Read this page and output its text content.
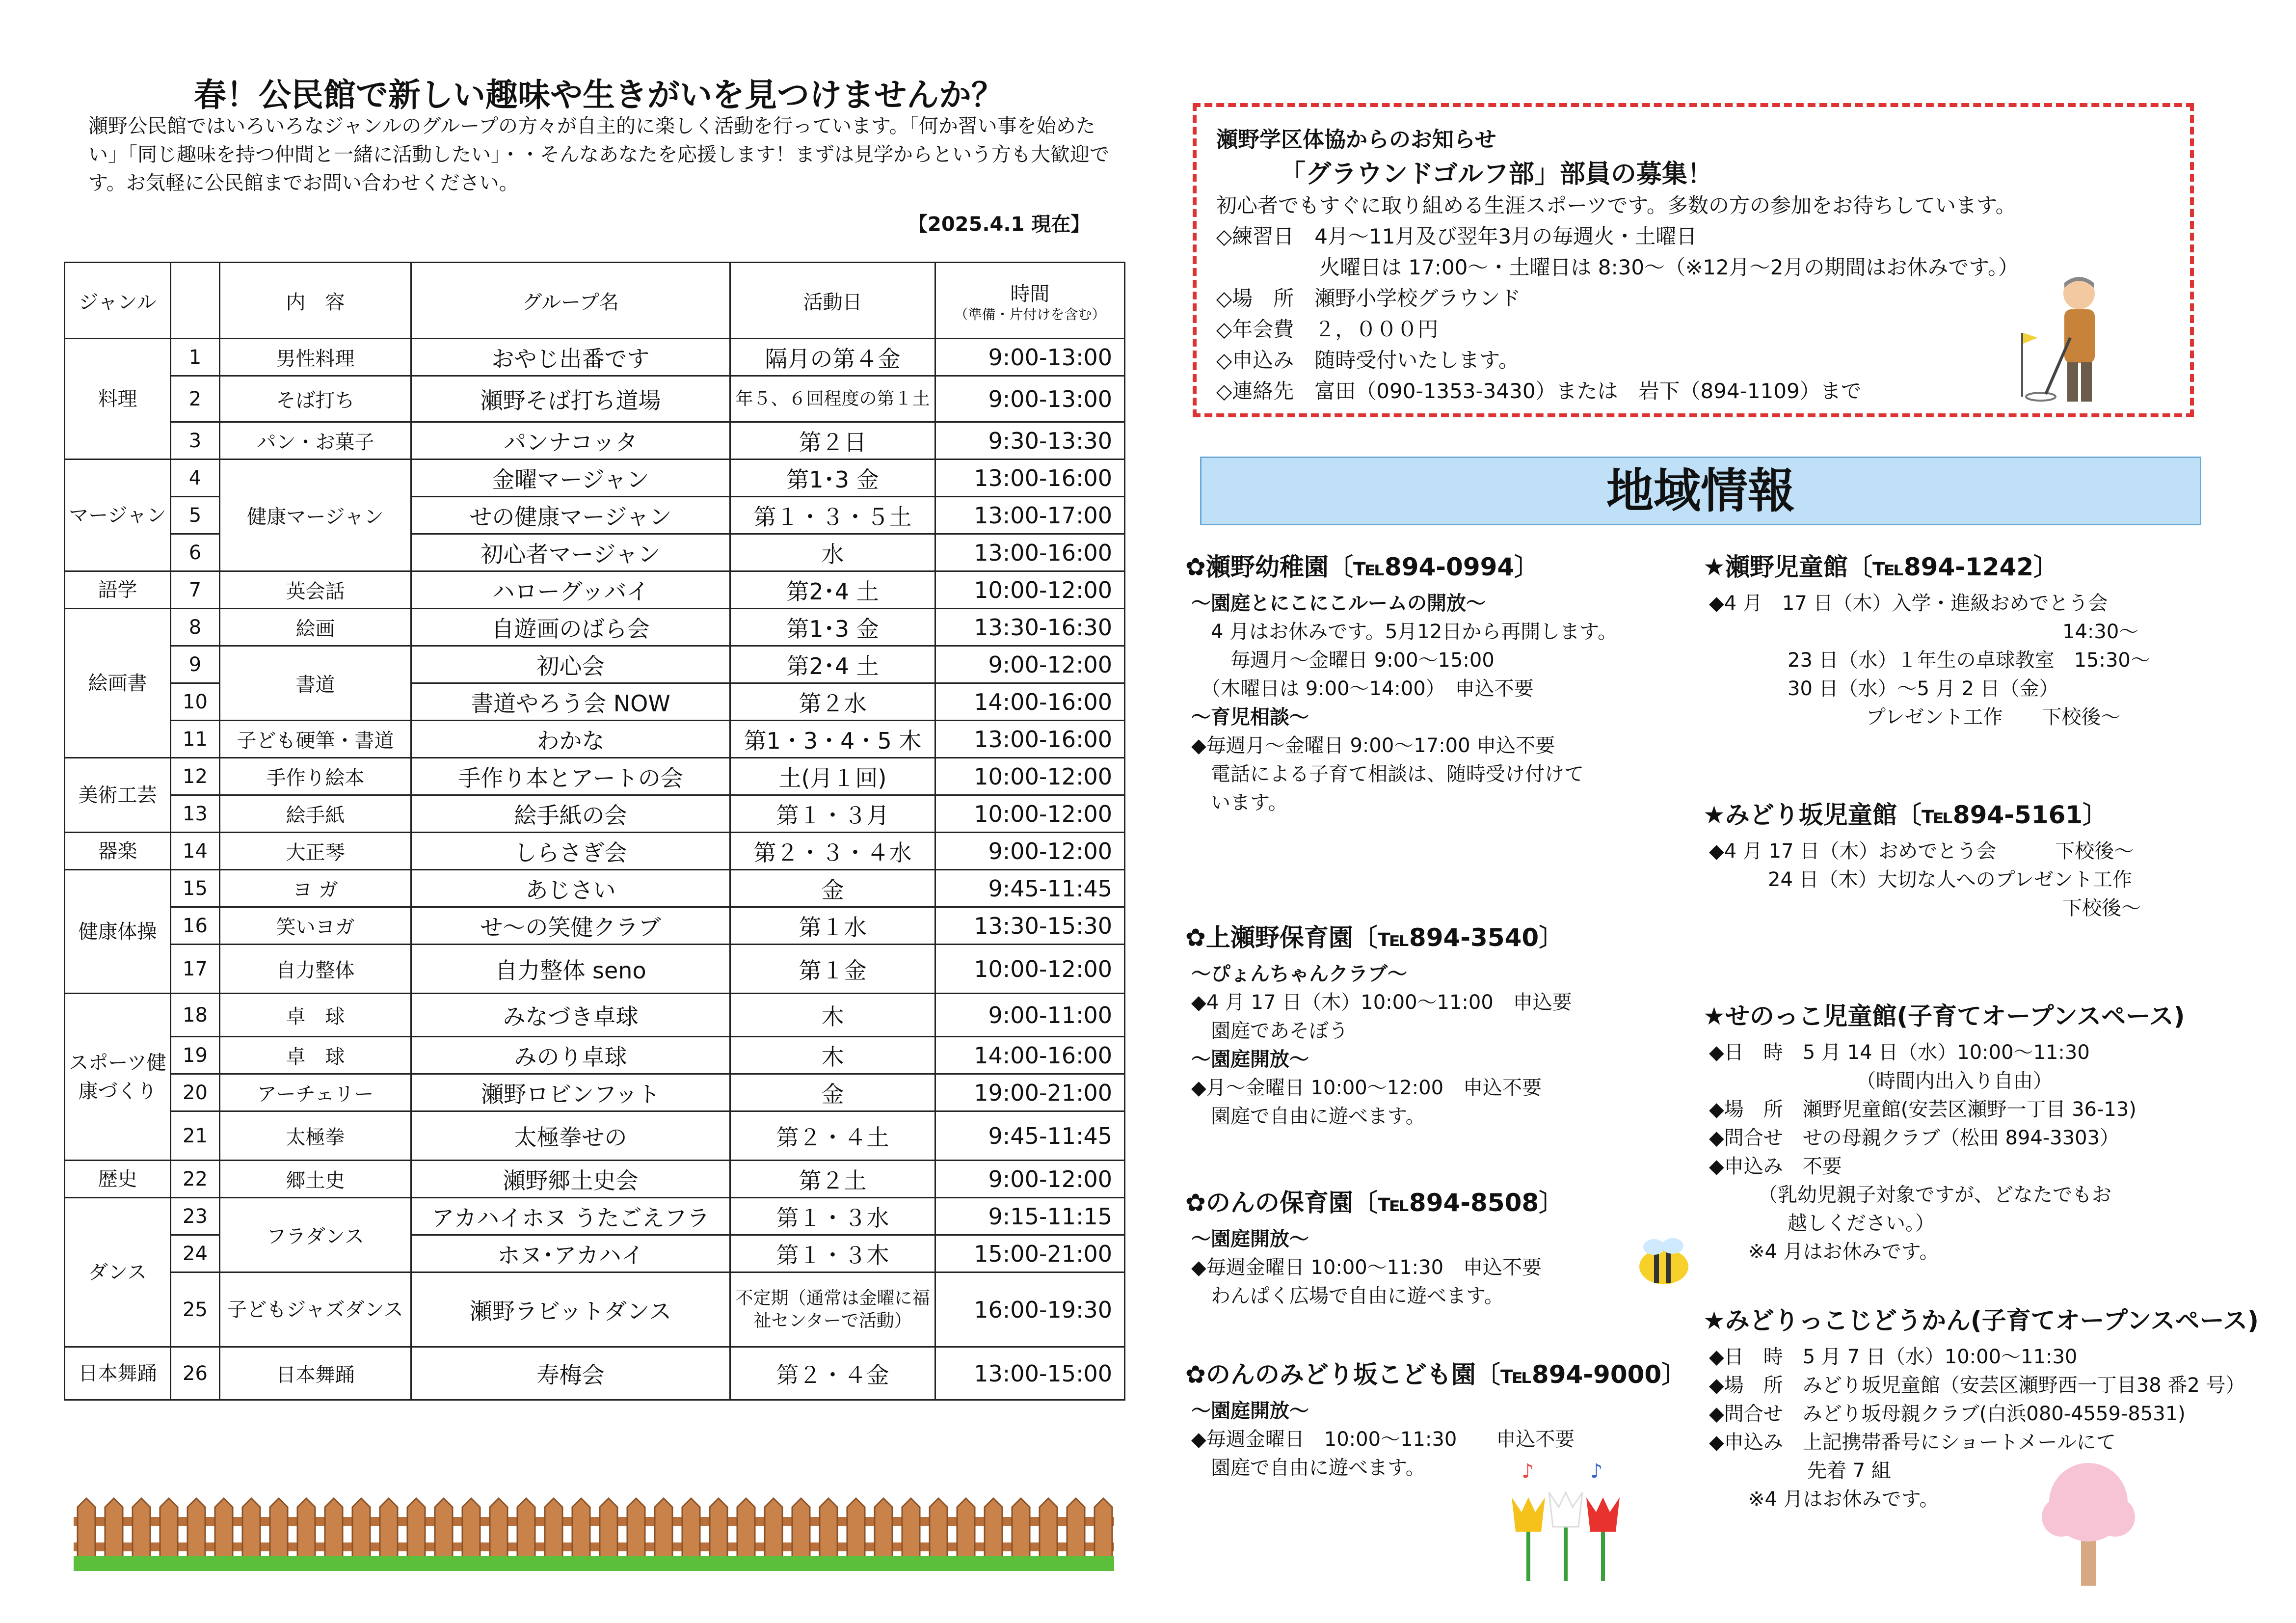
春！公民館で新しい趣味や生きがいを見つけませんか？
瀬野公民館ではいろいろなジャンルのグループの方々が自主的に楽しく活動を行っています。「何か習い事を始めたい」「同じ趣味を持つ仲間と一緒に活動したい」・・そんなあなたを応援します！まずは見学からという方も大歓迎です。お気軽に公民館までお問い合わせください。
【2025.4.1 現在】
ジャンル		内　容	グループ名	活動日	時間
（準備・片付けを含む）

料理	1	男性料理	おやじ出番です	隔月の第４金	9:00-13:00
	2	そば打ち	瀬野そば打ち道場	年５、６回程度の第１土	9:00-13:00
	3	パン・お菓子	パンナコッタ	第２日	9:30-13:30
マージャン	4	健康マージャン	金曜マージャン	第1･3 金	13:00-16:00
	5		せの健康マージャン	第１・３・５土	13:00-17:00
	6		初心者マージャン	水	13:00-16:00
語学	7	英会話	ハローグッバイ	第2･4 土	10:00-12:00
絵画書	8	絵画	自遊画のばら会	第1･3 金	13:30-16:30
	9	書道	初心会	第2･4 土	9:00-12:00
	10		書道やろう会 NOW	第２水	14:00-16:00
	11	子ども硬筆・書道	わかな	第1・3・4・5 木	13:00-16:00
美術工芸	12	手作り絵本	手作り本とアートの会	土(月１回)	10:00-12:00
	13	絵手紙	絵手紙の会	第１・３月	10:00-12:00
器楽	14	大正琴	しらさぎ会	第２・３・４水	9:00-12:00
健康体操	15	ヨ ガ	あじさい	金	9:45-11:45
	16	笑いヨガ	せ～の笑健クラブ	第１水	13:30-15:30
	17	自力整体	自力整体 seno	第１金	10:00-12:00
スポーツ健康づくり	18	卓　球	みなづき卓球	木	9:00-11:00
	19	卓　球	みのり卓球	木	14:00-16:00
	20	アーチェリー	瀬野ロビンフット	金	19:00-21:00
	21	太極拳	太極拳せの	第２・４土	9:45-11:45
歴史	22	郷土史	瀬野郷土史会	第２土	9:00-12:00
ダンス	23	フラダンス	アカハイホヌ うたごえフラ	第１・３水	9:15-11:15
	24		ホヌ･アカハイ	第１・３木	15:00-21:00
	25	子どもジャズダンス	瀬野ラビットダンス	不定期（通常は金曜に福祉センターで活動）	16:00-19:30
日本舞踊	26	日本舞踊	寿梅会	第２・４金	13:00-15:00
瀬野学区体協からのお知らせ
「グラウンドゴルフ部」部員の募集！
初心者でもすぐに取り組める生涯スポーツです。多数の方の参加をお待ちしています。
◇練習日　4月～11月及び翌年3月の毎週火・土曜日
　　　　　火曜日は 17:00～・土曜日は 8:30～（※12月～2月の期間はお休みです。）
◇場　所　瀬野小学校グラウンド
◇年会費　２，０００円
◇申込み　随時受付いたします。
◇連絡先　富田（090-1353-3430）または　岩下（894-1109）まで
地域情報
✿瀬野幼稚園〔℡894-0994〕
～園庭とにこにこルームの開放～
　4 月はお休みです。5月12日から再開します。
　　毎週月～金曜日 9:00～15:00
　（木曜日は 9:00～14:00）　申込不要
～育児相談～
◆毎週月～金曜日 9:00～17:00 申込不要
　電話による子育て相談は、随時受け付けて
　います。
✿上瀬野保育園〔℡894-3540〕
～ぴょんちゃんクラブ～
◆4 月 17 日（木）10:00～11:00　申込要
　園庭であそぼう
～園庭開放～
◆月～金曜日 10:00～12:00　申込不要
　園庭で自由に遊べます。
✿のんの保育園〔℡894-8508〕
～園庭開放～
◆毎週金曜日 10:00～11:30　申込不要
　わんぱく広場で自由に遊べます。
✿のんのみどり坂こども園〔℡894-9000〕
～園庭開放～
◆毎週金曜日　10:00～11:30　　申込不要
　園庭で自由に遊べます。
★瀬野児童館〔℡894-1242〕
◆4 月　17 日（木）入学・進級おめでとう会
　　　　　　　　　　　　　　　　　　14:30～
　　　　23 日（水）１年生の卓球教室　15:30～
　　　　30 日（水）～5 月 2 日（金）
　　　　　　　　プレゼント工作　　下校後～
★みどり坂児童館〔℡894-5161〕
◆4 月 17 日（木）おめでとう会　　　下校後～
　　　24 日（木）大切な人へのプレゼント工作
　　　　　　　　　　　　　　　　　　下校後～
★せのっこ児童館(子育てオープンスペース)
◆日　時　5 月 14 日（水）10:00～11:30
　　　　　　　　（時間内出入り自由）
◆場　所　瀬野児童館(安芸区瀬野一丁目 36-13)
◆問合せ　せの母親クラブ（松田 894-3303）
◆申込み　不要
　　　（乳幼児親子対象ですが、どなたでもお
　　　　越しください。）
　　※4 月はお休みです。
★みどりっこじどうかん(子育てオープンスペース)
◆日　時　5 月 7 日（水）10:00～11:30
◆場　所　みどり坂児童館（安芸区瀬野西一丁目38 番2 号）
◆問合せ　みどり坂母親クラブ(白浜080-4559-8531)
◆申込み　上記携帯番号にショートメールにて
　　　　　先着 7 組
　　※4 月はお休みです。
♪	♪
